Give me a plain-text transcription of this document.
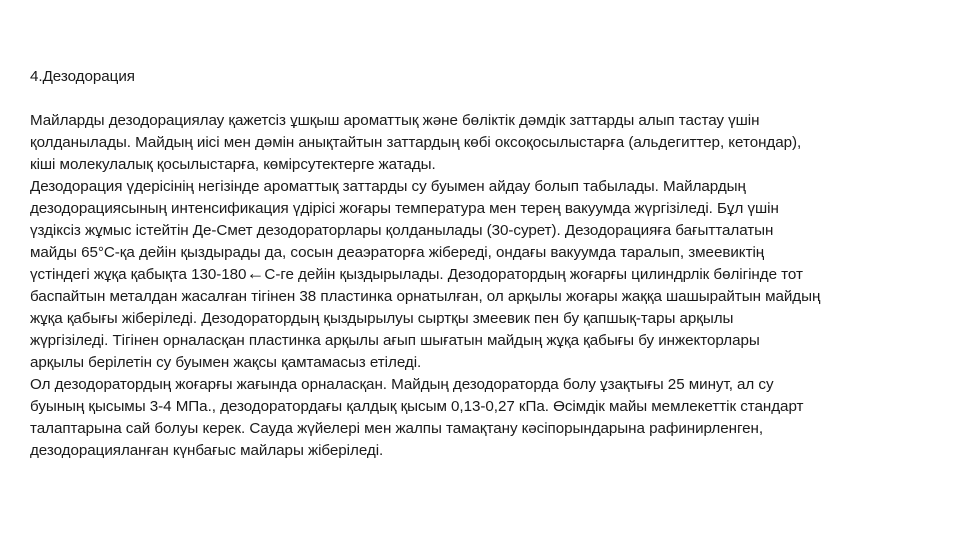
4.Дезодорация
Майларды дезодорациялау қажетсіз ұшқыш ароматтық және бөліктік дәмдік заттарды алып тастау үшін
қолданылады. Майдың иісі мен дәмін анықтайтын заттардың көбі оксоқосылыстарға (альдегиттер, кетондар),
кіші молекулалық қосылыстарға, көмірсутектерге жатады.
Дезодорация үдерісінің негізінде ароматтық заттарды су буымен айдау болып табылады. Майлардың
дезодорациясының интенсификация үдірісі жоғары температура мен терең вакуумда жүргізіледі. Бұл үшін
үздіксіз жұмыс істейтін Де-Смет дезодораторлары қолданылады (30-сурет). Дезодорацияға бағытталатын
майды 65°С-қа дейін қыздырады да, сосын деаэраторға жібереді, ондағы вакуумда таралып, змеевиктің
үстіндегі жұқа қабықта 130-180←С-ге дейін қыздырылады. Дезодоратордың жоғарғы цилиндрлік бөлігінде тот
баспайтын металдан жасалған тігінен 38 пластинка орнатылған, ол арқылы жоғары жаққа шашырайтын майдың
жұқа қабығы жіберіледі. Дезодоратордың қыздырылуы сыртқы змеевик пен бу қапшық-тары арқылы
жүргізіледі. Тігінен орналасқан пластинка арқылы ағып шығатын майдың жұқа қабығы бу инжекторлары
арқылы берілетін су буымен жақсы қамтамасыз етіледі.
Ол дезодоратордың жоғарғы жағында орналасқан. Майдың дезодораторда болу ұзақтығы 25 минут, ал су
буының қысымы 3-4 МПа., дезодоратордағы қалдық қысым 0,13-0,27 кПа. Өсімдік майы мемлекеттік стандарт
талаптарына сай болуы керек. Сауда жүйелері мен жалпы тамақтану кәсіпорындарына рафинирленген,
дезодорацияланған күнбағыс майлары жіберіледі.
